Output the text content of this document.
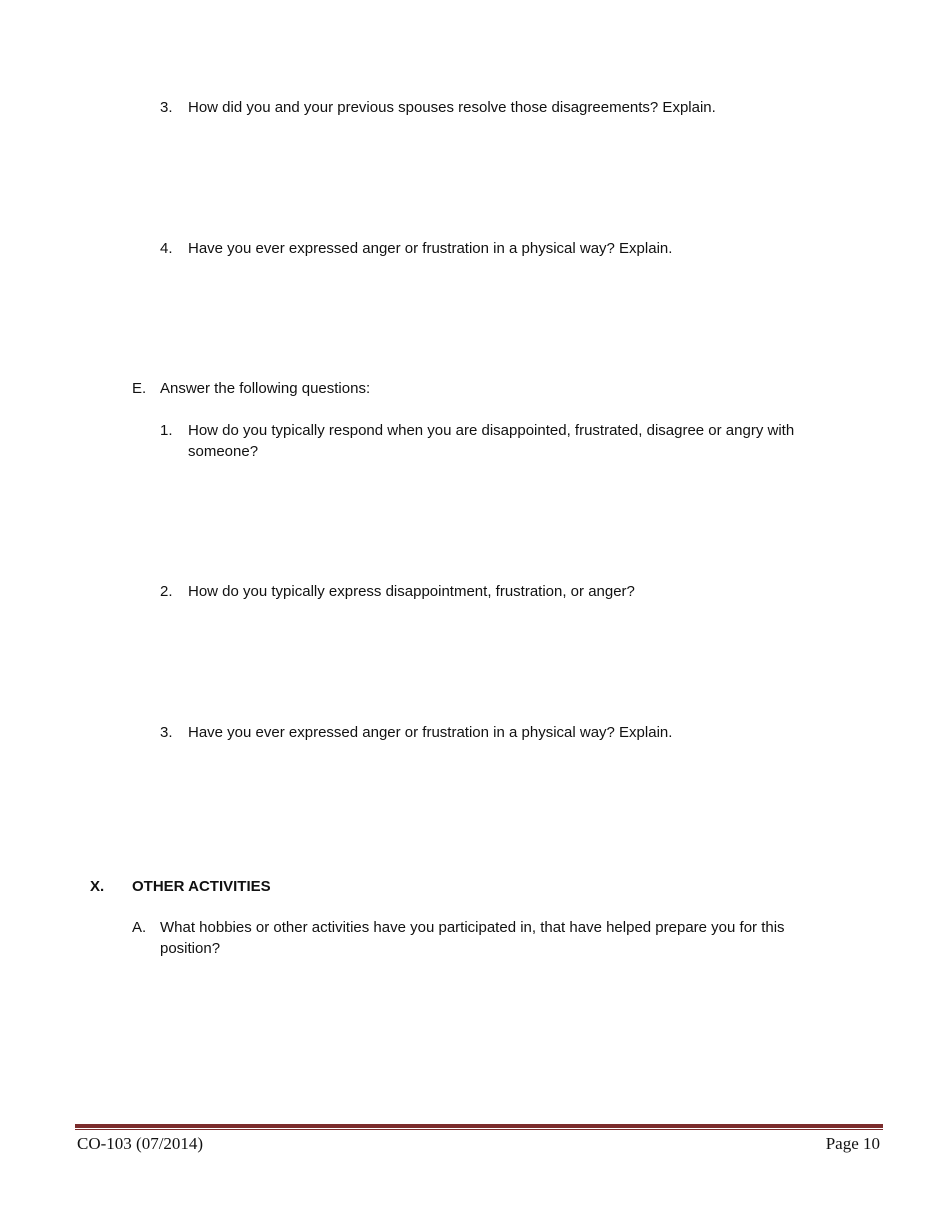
3. How did you and your previous spouses resolve those disagreements? Explain.
4. Have you ever expressed anger or frustration in a physical way? Explain.
E. Answer the following questions:
1. How do you typically respond when you are disappointed, frustrated, disagree or angry with someone?
2. How do you typically express disappointment, frustration, or anger?
3. Have you ever expressed anger or frustration in a physical way? Explain.
X. OTHER ACTIVITIES
A. What hobbies or other activities have you participated in, that have helped prepare you for this position?
CO-103 (07/2014)	Page 10
